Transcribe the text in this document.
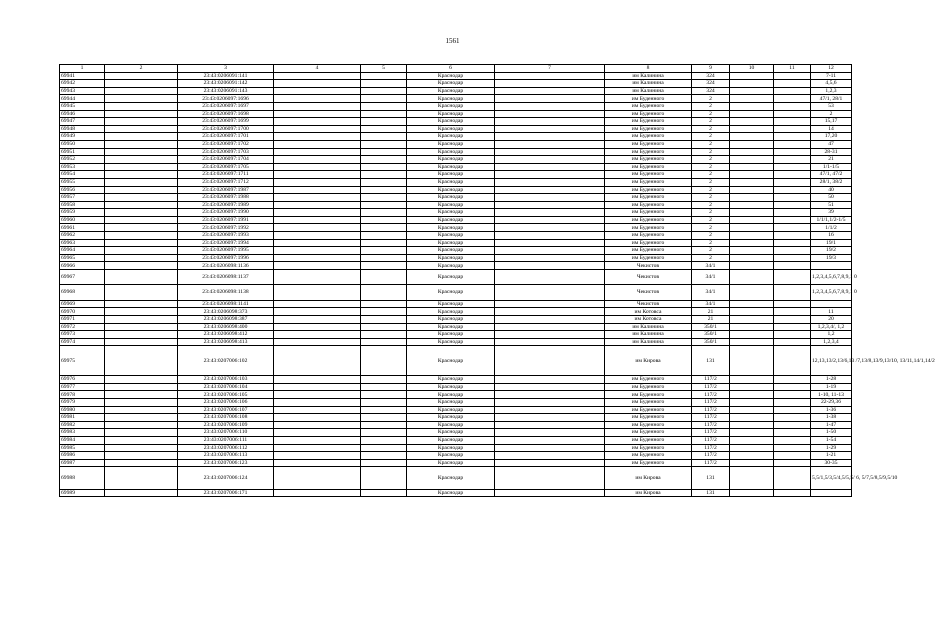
1561
1	2	3	4	5	6	7	8	9	10	11	12
69941		23:43:0206091:141			Краснодар		им Калинина	324			7-11
69942		23:43:0206091:142			Краснодар		им Калинина	324			4,5,6
69943		23:43:0206091:143			Краснодар		им Калинина	324			1,2,3
69944		23:43:0206097:1696			Краснодар		им Буденного	2			47/1, 28/1
69945		23:43:0206097:1697			Краснодар		им Буденного	2			53
69946		23:43:0206097:1698			Краснодар		им Буденного	2			2
69947		23:43:0206097:1699			Краснодар		им Буденного	2			15,17
69948		23:43:0206097:1700			Краснодар		им Буденного	2			14
69949		23:43:0206097:1701			Краснодар		им Буденного	2			17,20
69950		23:43:0206097:1702			Краснодар		им Буденного	2			47
69951		23:43:0206097:1703			Краснодар		им Буденного	2			28-31
69952		23:43:0206097:1704			Краснодар		им Буденного	2			21
69953		23:43:0206097:1705			Краснодар		им Буденного	2			1/1-1/5
69954		23:43:0206097:1711			Краснодар		им Буденного	2			47/1, 47/2
69955		23:43:0206097:1712			Краснодар		им Буденного	2			28/1, 38/2
69956		23:43:0206097:1987			Краснодар		им Буденного	2			40
69957		23:43:0206097:1988			Краснодар		им Буденного	2			50
69958		23:43:0206097:1989			Краснодар		им Буденного	2			51
69959		23:43:0206097:1990			Краснодар		им Буденного	2			39
69960		23:43:0206097:1991			Краснодар		им Буденного	2			1/1/1,1/2-1/5
69961		23:43:0206097:1992			Краснодар		им Буденного	2			1/1/2
69962		23:43:0206097:1993			Краснодар		им Буденного	2			16
69963		23:43:0206097:1994			Краснодар		им Буденного	2			19/1
69964		23:43:0206097:1995			Краснодар		им Буденного	2			19/2
69965		23:43:0206097:1996			Краснодар		им Буденного	2			19/3
69966		23:43:0206098:1136			Краснодар		Чекистов	34/1			
69967		23:43:0206098:1137			Краснодар		Чекистов	34/1			1,2,3,4,5,6,7,8,9,1 0
69968		23:43:0206098:1138			Краснодар		Чекистов	34/1			1,2,3,4,5,6,7,8,9,1 0
69969		23:43:0206098:1141			Краснодар		Чекистов	34/1			
69970		23:43:0206098:373			Краснодар		им Котовса	21			11
69971		23:43:0206098:387			Краснодар		им Котовса	21			20
69972		23:43:0206098:400			Краснодар		им Калинина	350/1			1,2,3,4/, 1,2
69973		23:43:0206098:412			Краснодар		им Калинина	350/1			1,2
69974		23:43:0206098:413			Краснодар		им Калинина	350/1			1,2,3,4
69975		23:43:0207006:102			Краснодар		им Кирова	131			12,13,13/2,13/6,13 /7,13/8,13/9,13/10, 13/11,14/1,14/2
69976		23:43:0207006:103			Краснодар		им Буденного	117/2			1-28
69977		23:43:0207006:104			Краснодар		им Буденного	117/2			1-19
69978		23:43:0207006:105			Краснодар		им Буденного	117/2			1-10, 11-13
69979		23:43:0207006:106			Краснодар		им Буденного	117/2			22-29,36
69980		23:43:0207006:107			Краснодар		им Буденного	117/2			1-36
69981		23:43:0207006:108			Краснодар		им Буденного	117/2			1-38
69982		23:43:0207006:109			Краснодар		им Буденного	117/2			1-47
69983		23:43:0207006:110			Краснодар		им Буденного	117/2			1-50
69984		23:43:0207006:111			Краснодар		им Буденного	117/2			1-54
69985		23:43:0207006:112			Краснодар		им Буденного	117/2			1-29
69986		23:43:0207006:113			Краснодар		им Буденного	117/2			1-21
69987		23:43:0207006:123			Краснодар		им Буденного	117/2			30-35
69988		23:43:0207006:124			Краснодар		им Кирова	131			5,5/1,5/3,5/4,5/5,5/ 6, 5/7,5/8,5/9,5/10
69989		23:43:0207006:171			Краснодар		им Кирова	131			
